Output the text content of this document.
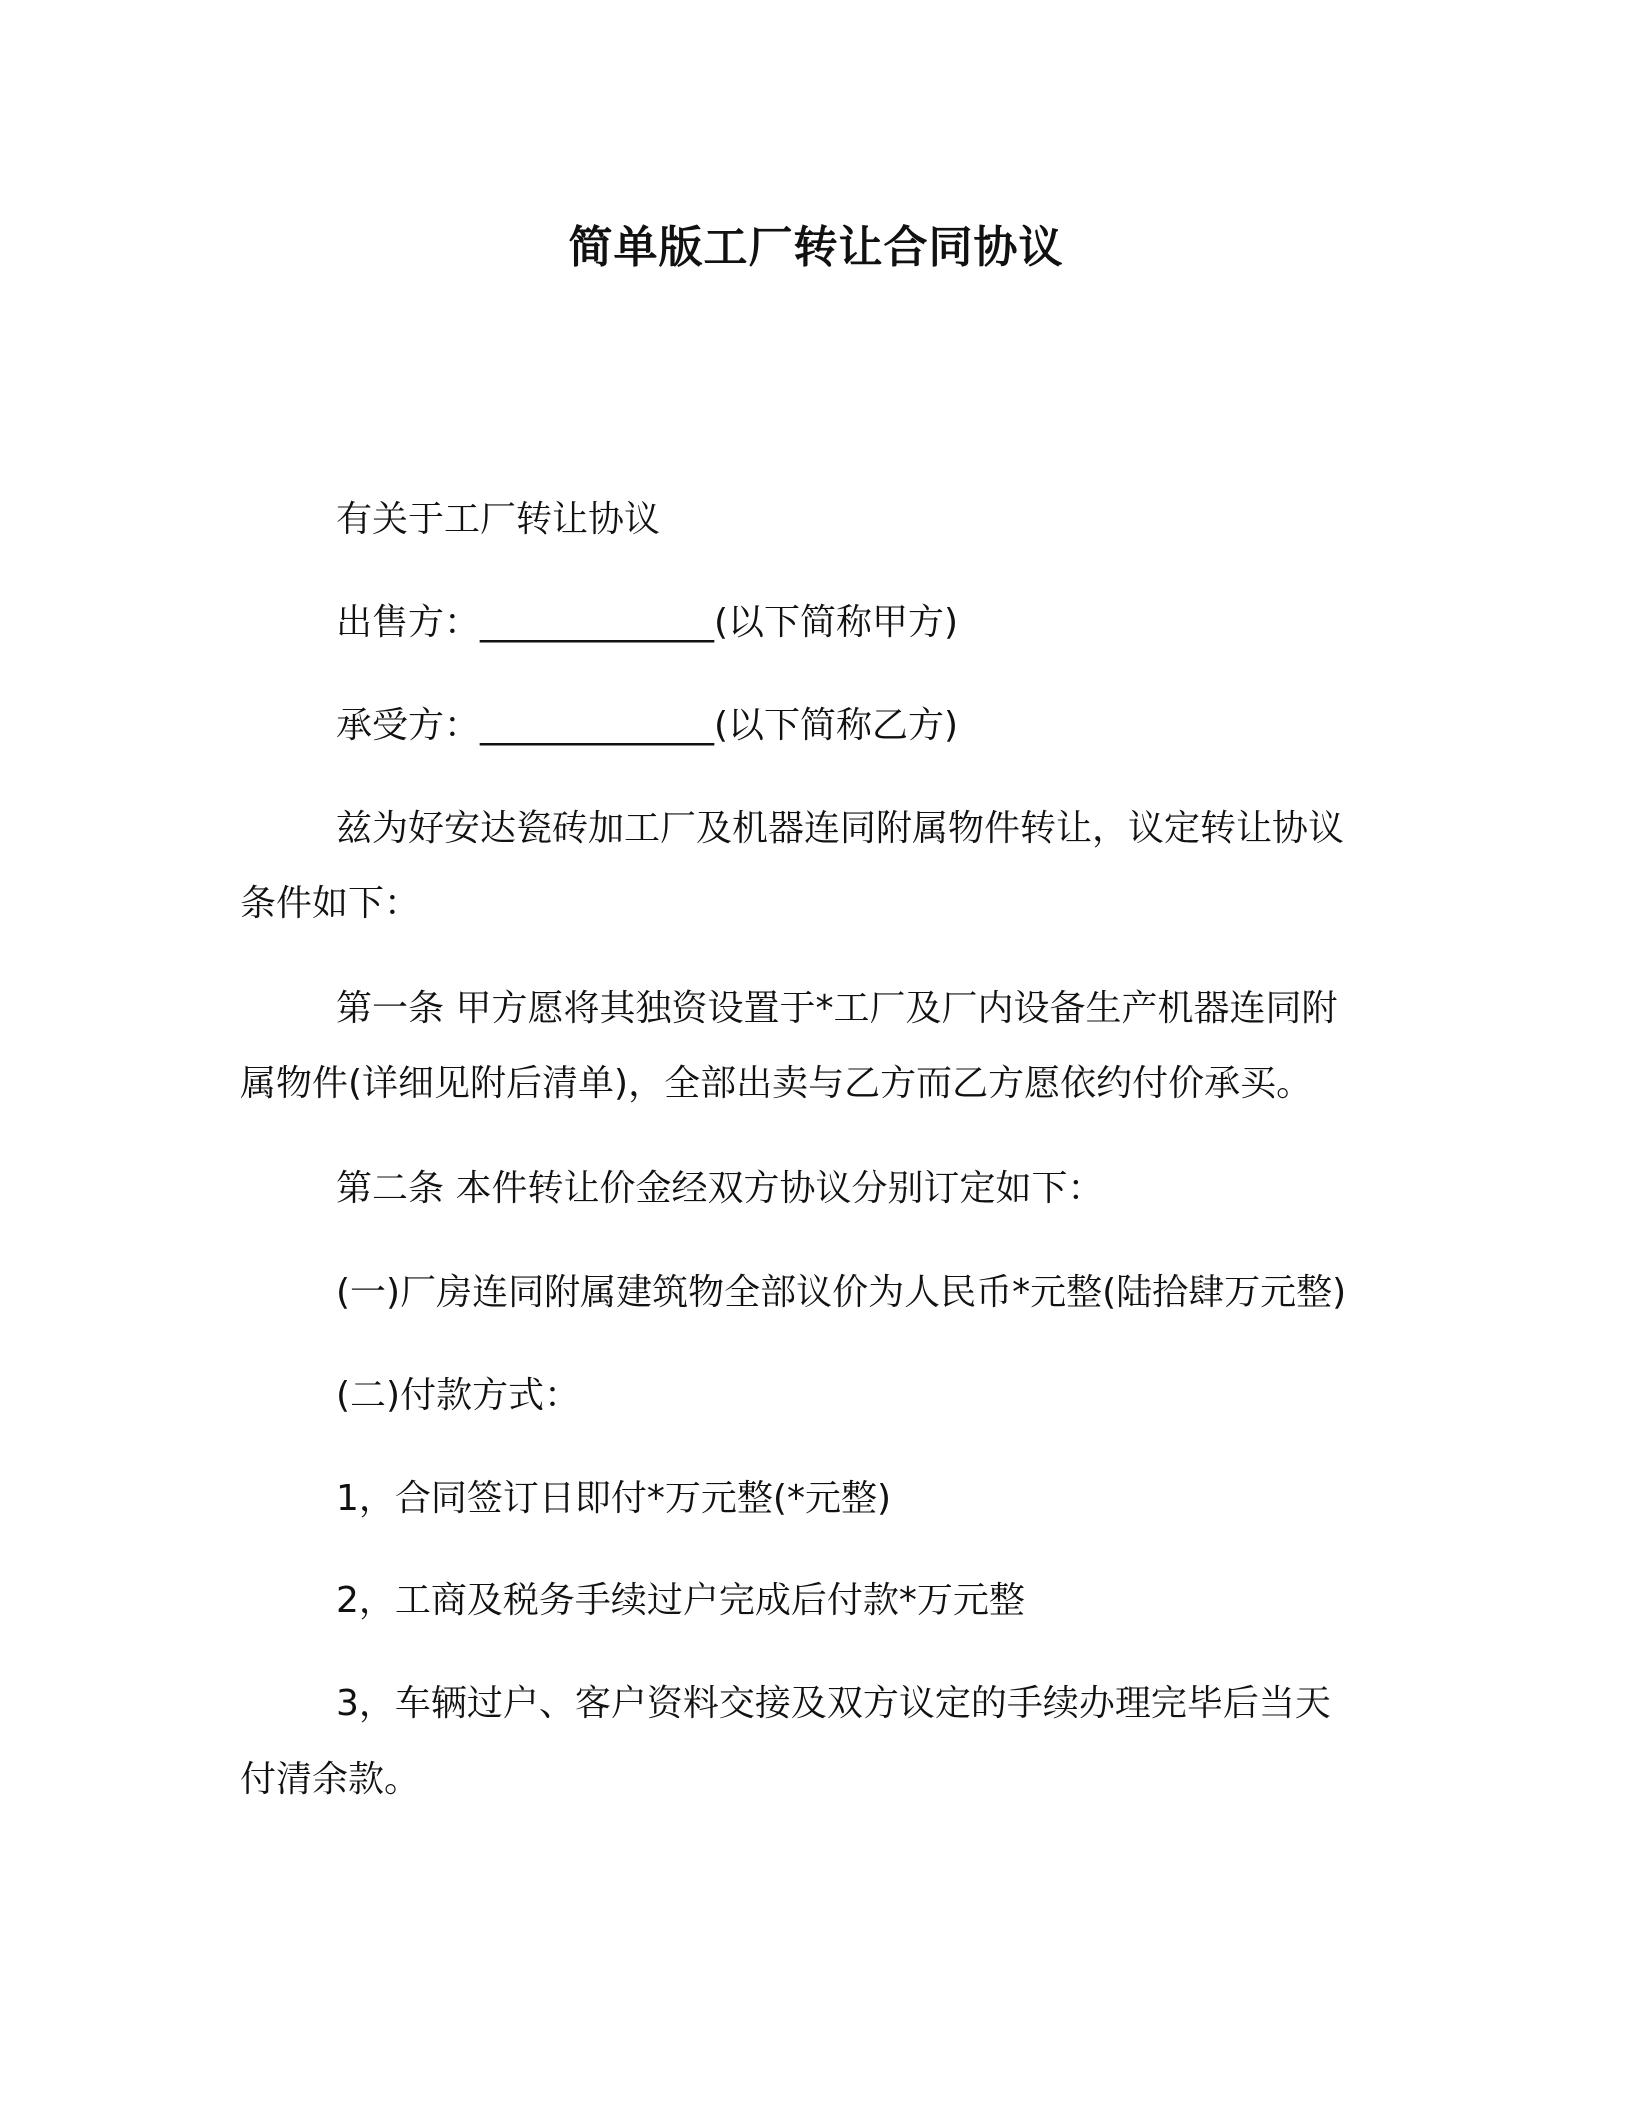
简单版工厂转让合同协议
有关于工厂转让协议
出售方：_____________(以下简称甲方)
承受方：_____________(以下简称乙方)
兹为好安达瓷砖加工厂及机器连同附属物件转让，议定转让协议
条件如下：
第一条 甲方愿将其独资设置于*工厂及厂内设备生产机器连同附
属物件(详细见附后清单)，全部出卖与乙方而乙方愿依约付价承买。
第二条 本件转让价金经双方协议分别订定如下：
(一)厂房连同附属建筑物全部议价为人民币*元整(陆拾肆万元整)
(二)付款方式：
1，合同签订日即付*万元整(*元整)
2，工商及税务手续过户完成后付款*万元整
3，车辆过户、客户资料交接及双方议定的手续办理完毕后当天
付清余款。
